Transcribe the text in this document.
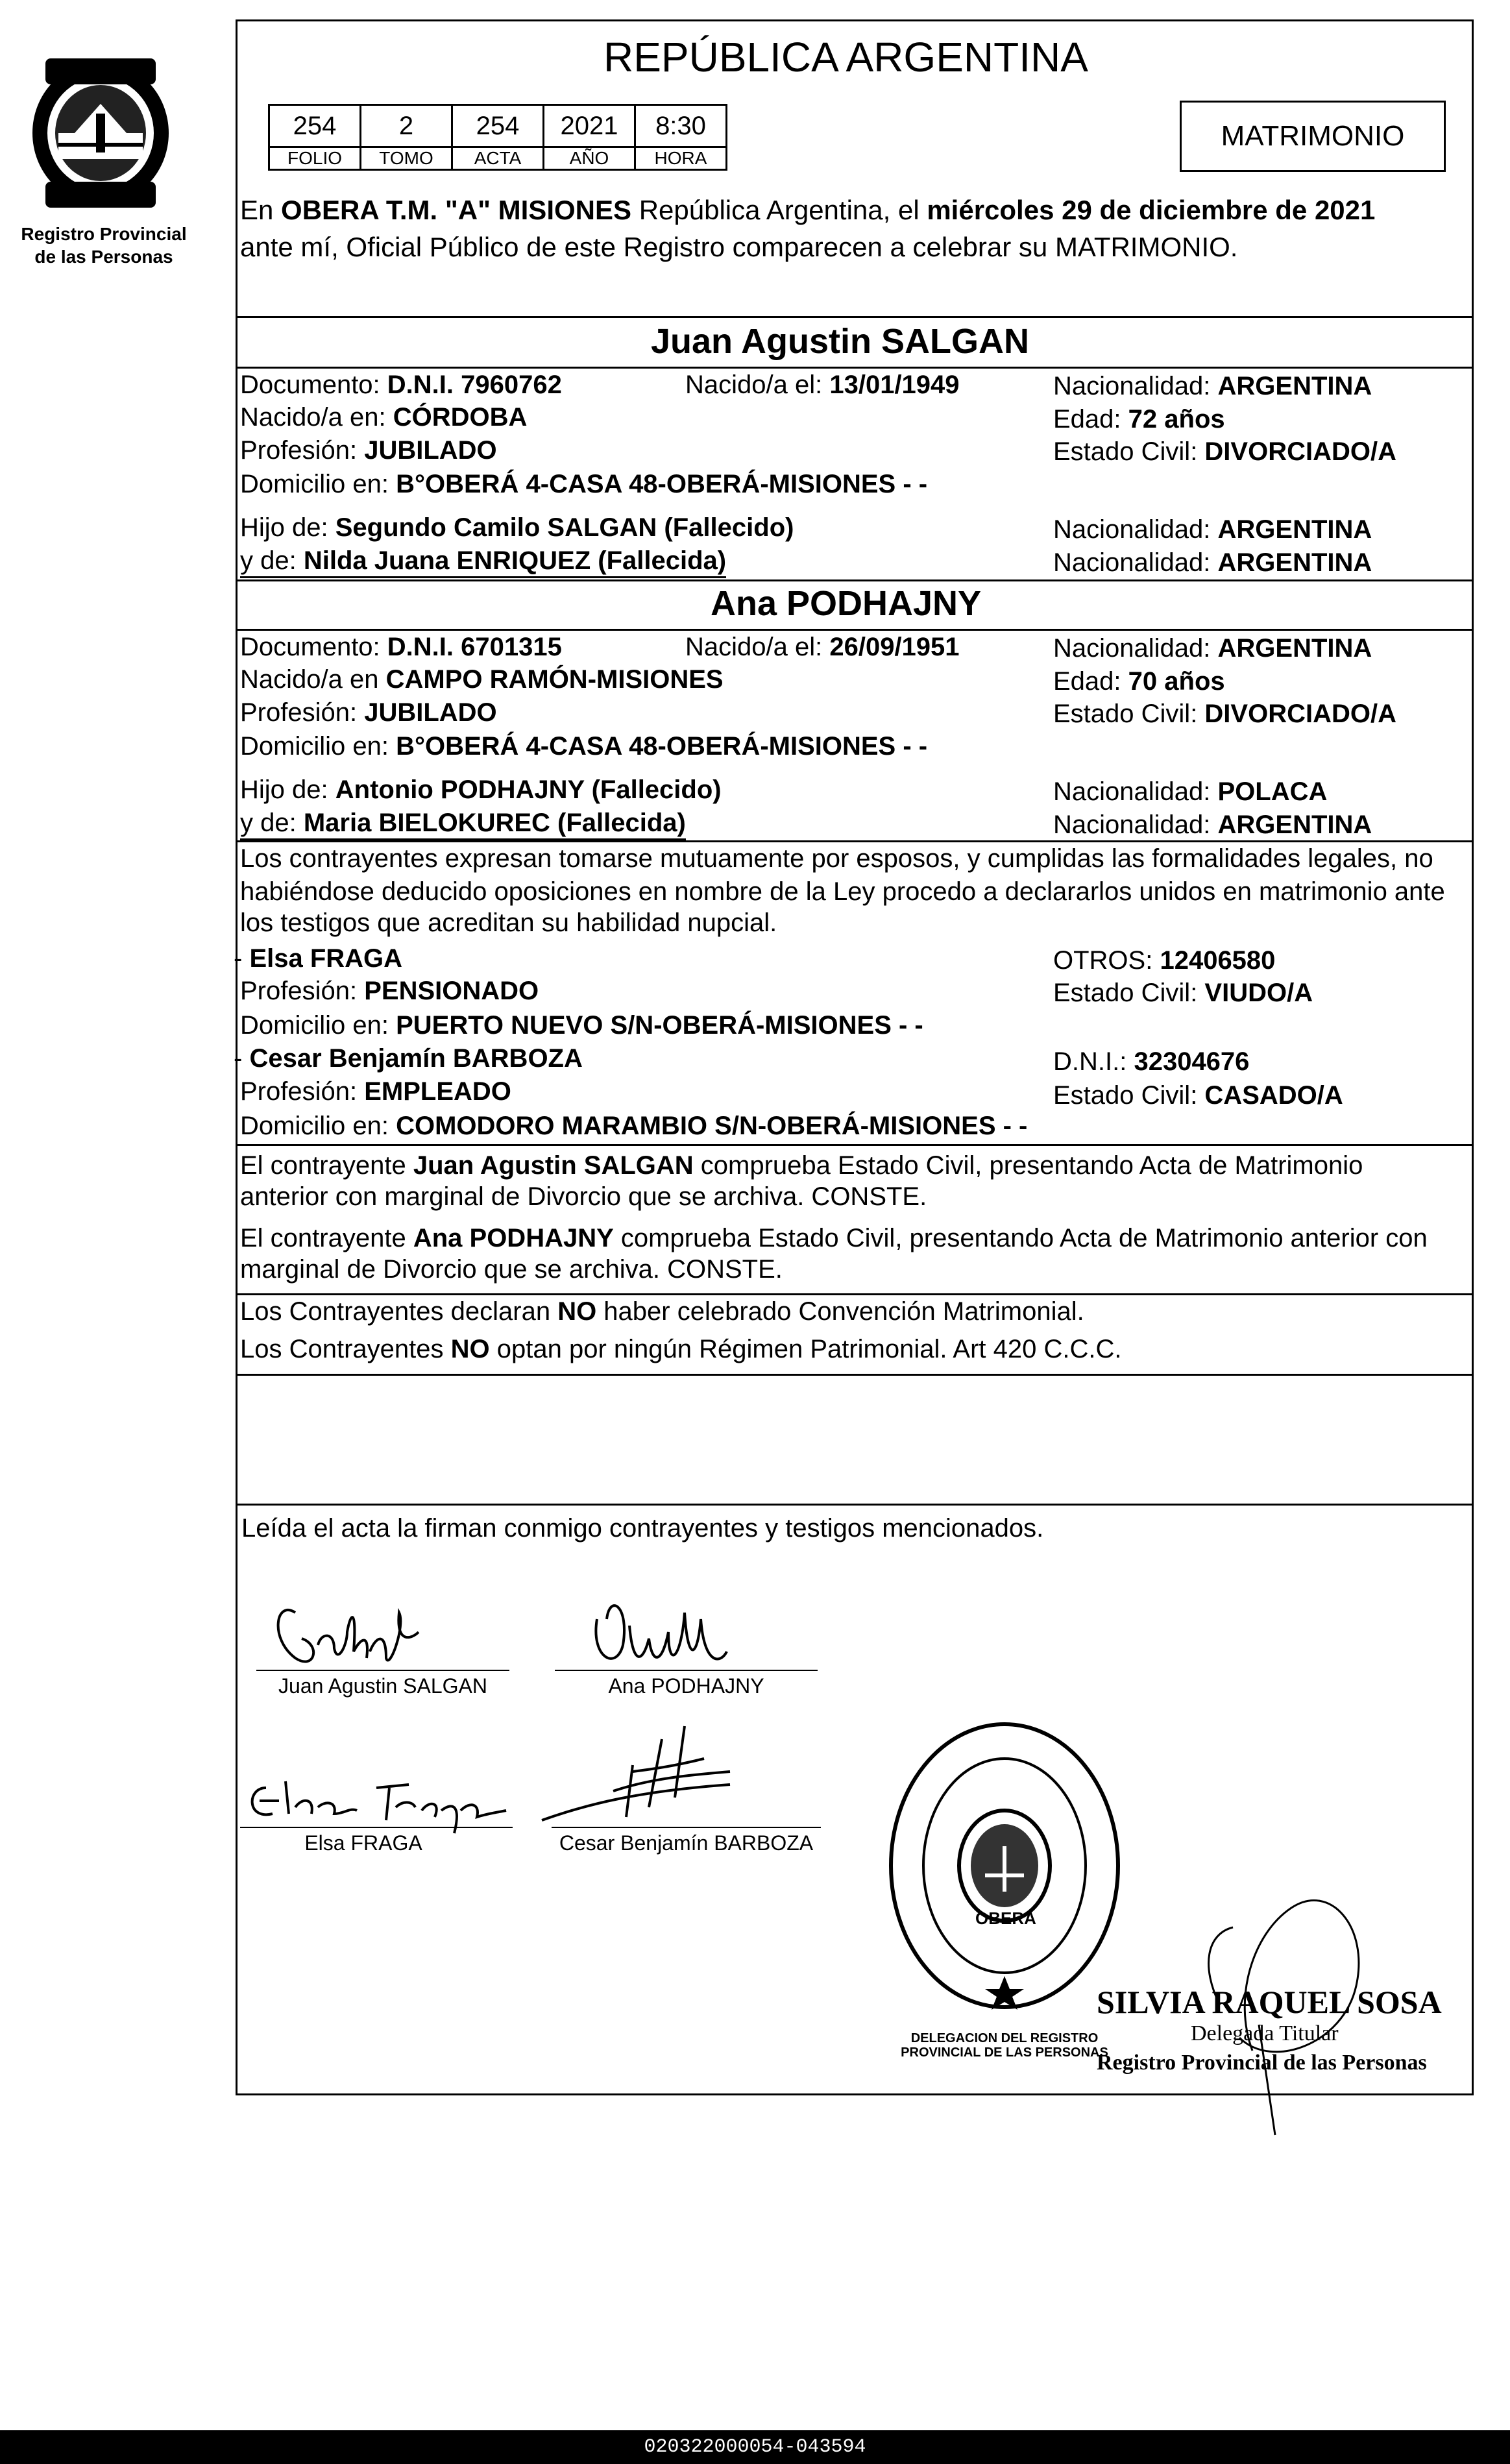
Registro Provincial
de las Personas
REPÚBLICA ARGENTINA
254	2	254	2021	8:30
FOLIO	TOMO	ACTA	AÑO	HORA
MATRIMONIO
En OBERA T.M. "A" MISIONES República Argentina, el miércoles 29 de diciembre de 2021
ante mí, Oficial Público de este Registro comparecen a celebrar su MATRIMONIO.
Juan Agustin SALGAN
Documento: D.N.I. 7960762	Nacido/a el: 13/01/1949	Nacionalidad: ARGENTINA
Nacido/a en: CÓRDOBA	Edad: 72 años
Profesión: JUBILADO	Estado Civil: DIVORCIADO/A
Domicilio en: B°OBERÁ 4-CASA 48-OBERÁ-MISIONES - -
Hijo de: Segundo Camilo SALGAN (Fallecido)	Nacionalidad: ARGENTINA
y de: Nilda Juana ENRIQUEZ (Fallecida)	Nacionalidad: ARGENTINA
Ana PODHAJNY
Documento: D.N.I. 6701315	Nacido/a el: 26/09/1951	Nacionalidad: ARGENTINA
Nacido/a en CAMPO RAMÓN-MISIONES	Edad: 70 años
Profesión: JUBILADO	Estado Civil: DIVORCIADO/A
Domicilio en: B°OBERÁ 4-CASA 48-OBERÁ-MISIONES - -
Hijo de: Antonio PODHAJNY (Fallecido)	Nacionalidad: POLACA
y de: Maria BIELOKUREC (Fallecida)	Nacionalidad: ARGENTINA
Los contrayentes expresan tomarse mutuamente por esposos, y cumplidas las formalidades legales, no
habiéndose deducido oposiciones en nombre de la Ley procedo a declararlos unidos en matrimonio ante
los testigos que acreditan su habilidad nupcial.
- Elsa FRAGA	OTROS: 12406580
Profesión: PENSIONADO	Estado Civil: VIUDO/A
Domicilio en: PUERTO NUEVO S/N-OBERÁ-MISIONES - -
- Cesar Benjamín BARBOZA	D.N.I.: 32304676
Profesión: EMPLEADO	Estado Civil: CASADO/A
Domicilio en: COMODORO MARAMBIO S/N-OBERÁ-MISIONES - -
El contrayente Juan Agustin SALGAN comprueba Estado Civil, presentando Acta de Matrimonio
anterior con marginal de Divorcio que se archiva. CONSTE.
El contrayente Ana PODHAJNY comprueba Estado Civil, presentando Acta de Matrimonio anterior con
marginal de Divorcio que se archiva. CONSTE.
Los Contrayentes declaran NO haber celebrado Convención Matrimonial.
Los Contrayentes NO optan por ningún Régimen Patrimonial. Art 420 C.C.C.
Leída el acta la firman conmigo contrayentes y testigos mencionados.
Juan Agustin SALGAN	Ana PODHAJNY
Elsa FRAGA	Cesar Benjamín BARBOZA
DELEGACION DEL REGISTRO PROVINCIAL DE LAS PERSONAS
OBERÁ
SILVIA RAQUEL SOSA
Delegada Titular
Registro Provincial de las Personas
020322000054-043594
